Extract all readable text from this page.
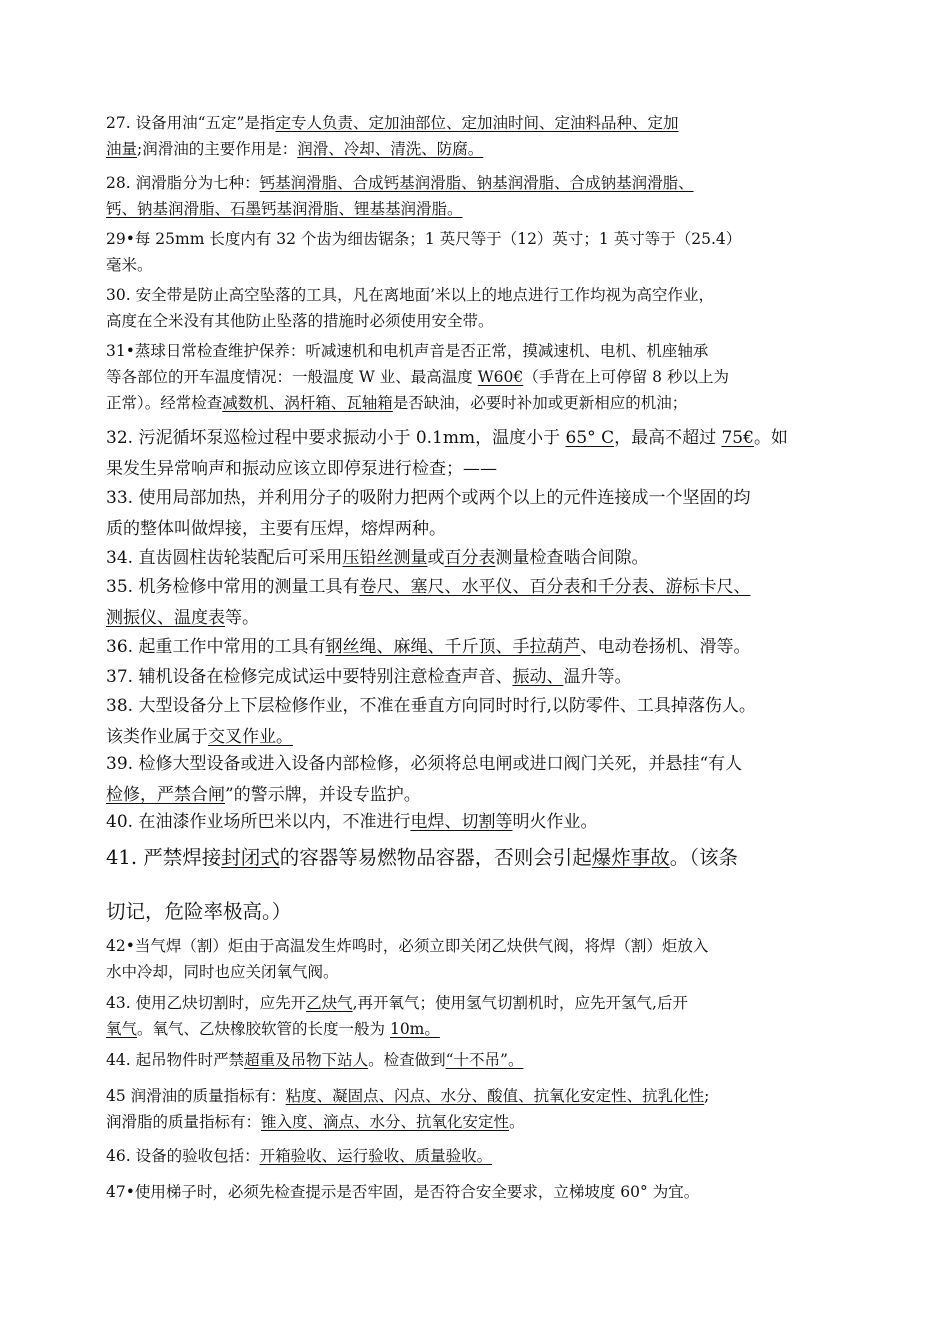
27. 设备用油“五定”是指定专人负责、定加油部位、定加油时间、定油料品种、定加
油量;润滑油的主要作用是：润滑、冷却、清洗、防腐。
28. 润滑脂分为七种：钙基润滑脂、合成钙基润滑脂、钠基润滑脂、合成钠基润滑脂、
钙、钠基润滑脂、石墨钙基润滑脂、锂基基润滑脂。
29•每 25mm 长度内有 32 个齿为细齿锯条；1 英尺等于（12）英寸；1 英寸等于（25.4）
毫米。
30. 安全带是防止高空坠落的工具，凡在离地面’米以上的地点进行工作均视为高空作业，
高度在仝米没有其他防止坠落的措施时必须使用安全带。
31•蒸球日常检查维护保养：听减速机和电机声音是否正常，摸减速机、电机、机座轴承
等各部位的开车温度情况：一般温度 W 业、最高温度 W60€（手背在上可停留 8 秒以上为
正常）。经常检查减数机、涡杆箱、瓦轴箱是否缺油，必要时补加或更新相应的机油；
32. 污泥循坏泵巡检过程中要求振动小于 0.1mm，温度小于 65° C，最高不超过 75€。如
果发生异常响声和振动应该立即停泵进行检查；——
33. 使用局部加热，并利用分子的吸附力把两个或两个以上的元件连接成一个坚固的均
质的整体叫做焊接，主要有压焊，熔焊两种。
34. 直齿圆柱齿轮装配后可采用压铅丝测量或百分表测量检查啮合间隙。
35. 机务检修中常用的测量工具有卷尺、塞尺、水平仪、百分表和千分表、游标卡尺、
测振仪、温度表等。
36. 起重工作中常用的工具有钢丝绳、麻绳、千斤顶、手拉葫芦、电动卷扬机、滑等。
37. 辅机设备在检修完成试运中要特别注意检查声音、振动、温升等。
38. 大型设备分上下层检修作业，不准在垂直方向同时时行,以防零件、工具掉落伤人。
该类作业属于交叉作业。
39. 检修大型设备或进入设备内部检修，必须将总电闸或进口阀门关死，并悬挂“有人
检修，严禁合闸”的警示牌，并设专监护。
40. 在油漆作业场所巴米以内，不准进行电焊、切割等明火作业。
41. 严禁焊接封闭式的容器等易燃物品容器，否则会引起爆炸事故。（该条
切记，危险率极高。）
42•当气焊（割）炬由于高温发生炸鸣时，必须立即关闭乙炔供气阀，将焊（割）炬放入
水中冷却，同时也应关闭氧气阀。
43. 使用乙炔切割时，应先开乙炔气,再开氧气；使用氢气切割机时，应先开氢气,后开
氧气。氧气、乙炔橡胶软管的长度一般为 10m。
44. 起吊物件时严禁超重及吊物下站人。检查做到“十不吊”。
45 润滑油的质量指标有：粘度、凝固点、闪点、水分、酸值、抗氧化安定性、抗乳化性;
润滑脂的质量指标有：锥入度、滴点、水分、抗氧化安定性。
46. 设备的验收包括：开箱验收、运行验收、质量验收。
47•使用梯子时，必须先检查提示是否牢固，是否符合安全要求，立梯坡度 60° 为宜。
